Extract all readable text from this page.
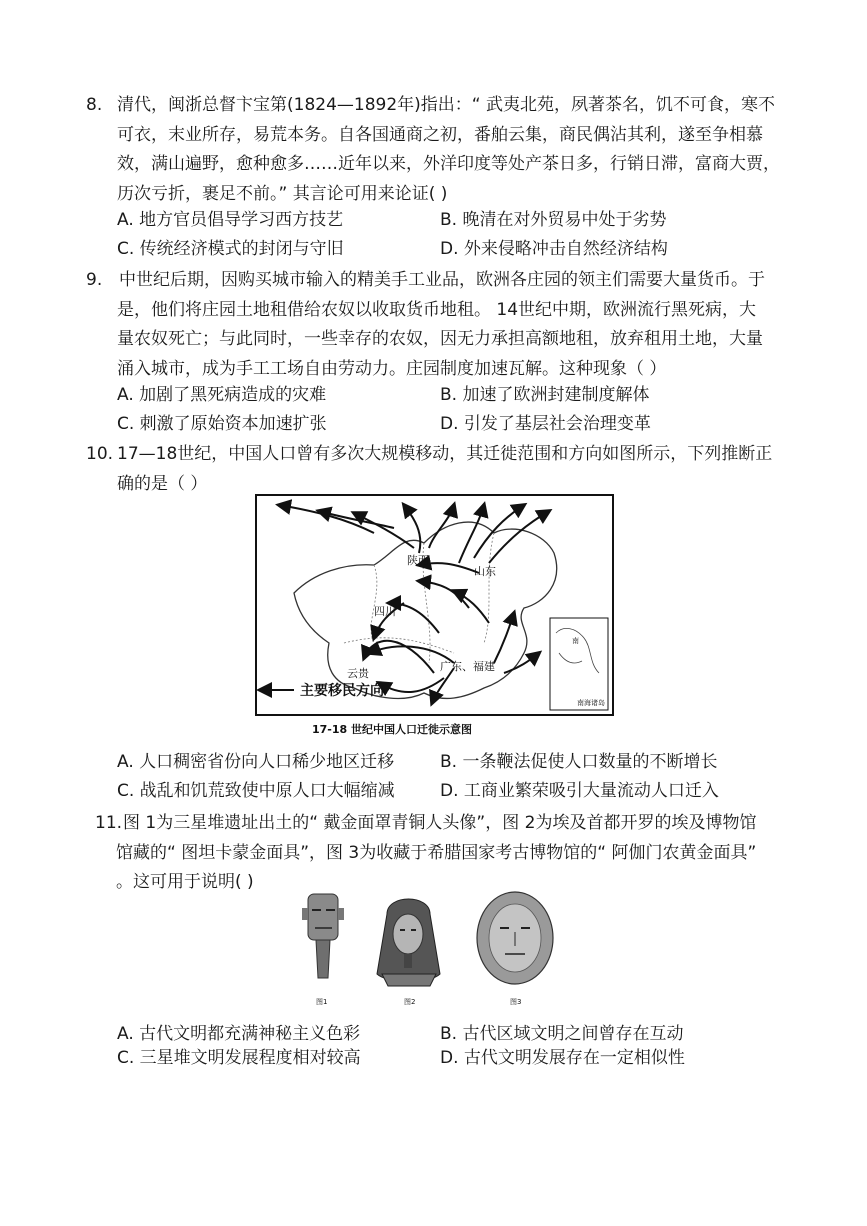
8. 清代，闽浙总督卞宝第(1824—1892年)指出：“ 武夷北苑，夙著茶名，饥不可食，寒不
可衣，末业所存，易荒本务。自各国通商之初，番舶云集，商民偶沾其利，遂至争相慕
效，满山遍野，愈种愈多……近年以来，外洋印度等处产茶日多，行销日滞，富商大贾，
历次亏折，裹足不前。” 其言论可用来论证( )
A. 地方官员倡导学习西方技艺	B. 晚清在对外贸易中处于劣势
C. 传统经济模式的封闭与守旧	D. 外来侵略冲击自然经济结构
9. 中世纪后期，因购买城市输入的精美手工业品，欧洲各庄园的领主们需要大量货币。于
是，他们将庄园土地租借给农奴以收取货币地租。 14世纪中期，欧洲流行黑死病，大
量农奴死亡；与此同时，一些幸存的农奴，因无力承担高额地租，放弃租用土地，大量
涌入城市，成为手工工场自由劳动力。庄园制度加速瓦解。这种现象（ ）
A. 加剧了黑死病造成的灾难	B. 加速了欧洲封建制度解体
C. 刺激了原始资本加速扩张	D. 引发了基层社会治理变革
10. 17—18世纪，中国人口曾有多次大规模移动，其迁徙范围和方向如图所示，下列推断正
确的是（ ）
陕西
山东
四川
云贵
广东、福建
南
南海诸岛
主要移民方向
17-18 世纪中国人口迁徙示意图
A. 人口稠密省份向人口稀少地区迁移	B. 一条鞭法促使人口数量的不断增长
C. 战乱和饥荒致使中原人口大幅缩减	D. 工商业繁荣吸引大量流动人口迁入
11. 图 1为三星堆遗址出土的“ 戴金面罩青铜人头像”，图 2为埃及首都开罗的埃及博物馆
馆藏的“ 图坦卡蒙金面具”，图 3为收藏于希腊国家考古博物馆的“ 阿伽门农黄金面具”
。这可用于说明( )
图1	图2	图3
A. 古代文明都充满神秘主义色彩	B. 古代区域文明之间曾存在互动
C. 三星堆文明发展程度相对较高	D. 古代文明发展存在一定相似性
